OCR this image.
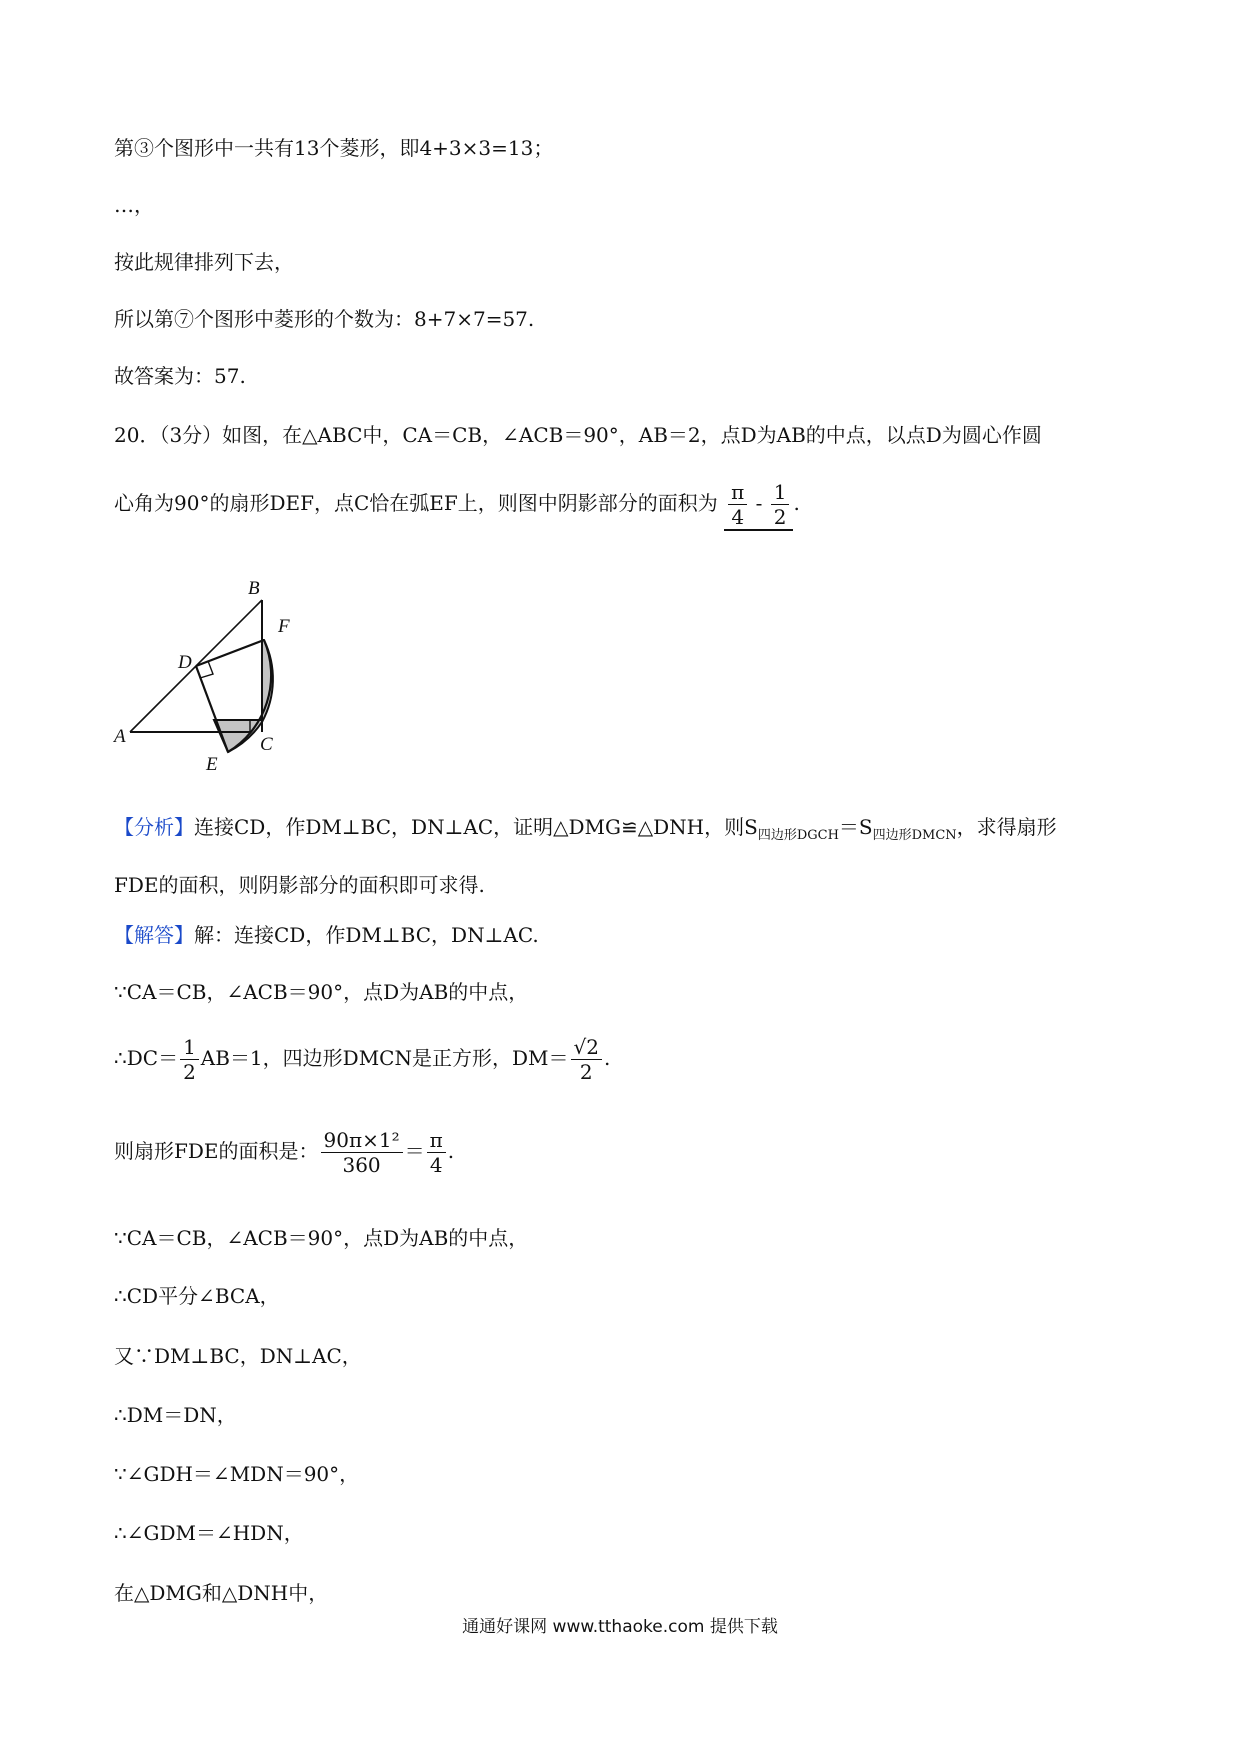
第③个图形中一共有13个菱形，即4+3×3=13；
…，
按此规律排列下去，
所以第⑦个图形中菱形的个数为：8+7×7=57.
故答案为：57.
20．（3分）如图，在△ABC中，CA＝CB，∠ACB＝90°，AB＝2，点D为AB的中点，以点D为圆心作圆
心角为90°的扇形DEF，点C恰在弧EF上，则图中阴影部分的面积为 $\frac{\pi}{4} - \frac{1}{2}$ .
A
B
C
D
E
F
【分析】连接CD，作DM⊥BC，DN⊥AC，证明△DMG≌△DNH，则$S_{四边形DGCH}=S_{四边形DMCN}$，求得扇形
FDE的面积，则阴影部分的面积即可求得.
【解答】解：连接CD，作DM⊥BC，DN⊥AC.
∵CA＝CB，∠ACB＝90°，点D为AB的中点，
∴DC＝ $\frac{1}{2} AB=1$，四边形DMCN是正方形，$DM= \frac{√2}{2}$ .
则扇形FDE的面积是： $\frac{\text{90π×1²}}{360} = \frac{\pi}{4}$ .
∵CA＝CB，∠ACB＝90°，点D为AB的中点，
∴CD平分∠BCA，
又∵DM⊥BC，DN⊥AC，
∴DM＝DN，
∵∠GDH＝∠MDN＝90°，
∴∠GDM＝∠HDN，
在△DMG和△DNH中，
通通好课网 www.tthaoke.com 提供下载
